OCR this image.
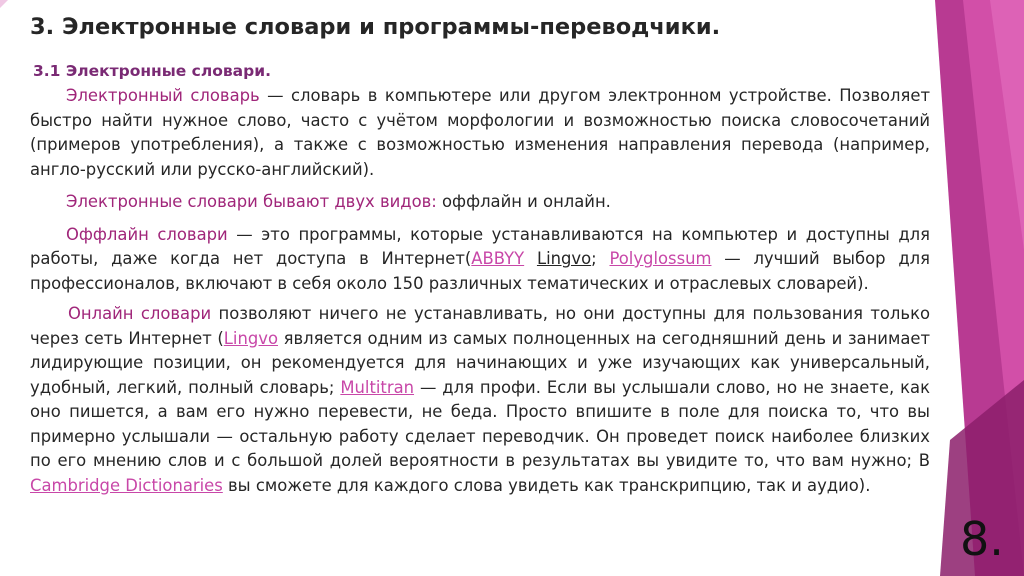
3. Электронные словари и программы-переводчики.
3.1 Электронные словари.

Электронный словарь — словарь в компьютере или другом электронном устройстве. Позволяет быстро найти нужное слово, часто с учётом морфологии и возможностью поиска словосочетаний (примеров употребления), а также с возможностью изменения направления перевода (например, англо-русский или русско-английский).

Электронные словари бывают двух видов: оффлайн и онлайн.

Оффлайн словари — это программы, которые устанавливаются на компьютер и доступны для работы, даже когда нет доступа в Интернет(ABBYY Lingvo; Polyglossum — лучший выбор для профессионалов, включают в себя около 150 различных тематических и отраслевых словарей).

Онлайн словари позволяют ничего не устанавливать, но они доступны для пользования только через сеть Интернет (Lingvo является одним из самых полноценных на сегодняшний день и занимает лидирующие позиции, он рекомендуется для начинающих и уже изучающих как универсальный, удобный, легкий, полный словарь; Multitran — для профи. Если вы услышали слово, но не знаете, как оно пишется, а вам его нужно перевести, не беда. Просто впишите в поле для поиска то, что вы примерно услышали — остальную работу сделает переводчик. Он проведет поиск наиболее близких по его мнению слов и с большой долей вероятности в результатах вы увидите то, что вам нужно; В Cambridge Dictionaries вы сможете для каждого слова увидеть как транскрипцию, так и аудио).

8.
